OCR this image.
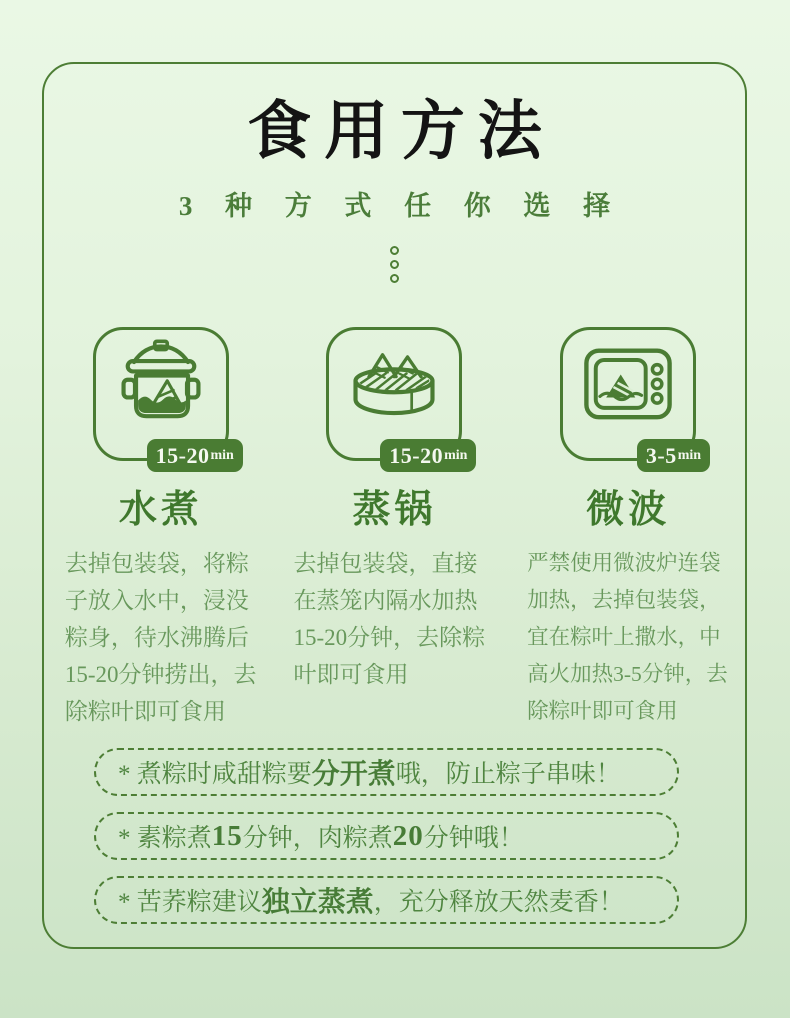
食用方法
3 种 方 式 任 你 选 择
15-20 min
水煮
去掉包装袋，将粽子放入水中，浸没粽身，待水沸腾后15-20分钟捞出，去除粽叶即可食用
15-20 min
蒸锅
去掉包装袋，直接在蒸笼内隔水加热15-20分钟，去除粽叶即可食用
3-5 min
微波
严禁使用微波炉连袋加热，去掉包装袋，宜在粽叶上撒水，中高火加热3-5分钟，去除粽叶即可食用
* 煮粽时咸甜粽要 分开煮 哦，防止粽子串味！
* 素粽煮 15 分钟，肉粽煮 20 分钟哦！
* 苦荞粽建议 独立蒸煮 ，充分释放天然麦香！
